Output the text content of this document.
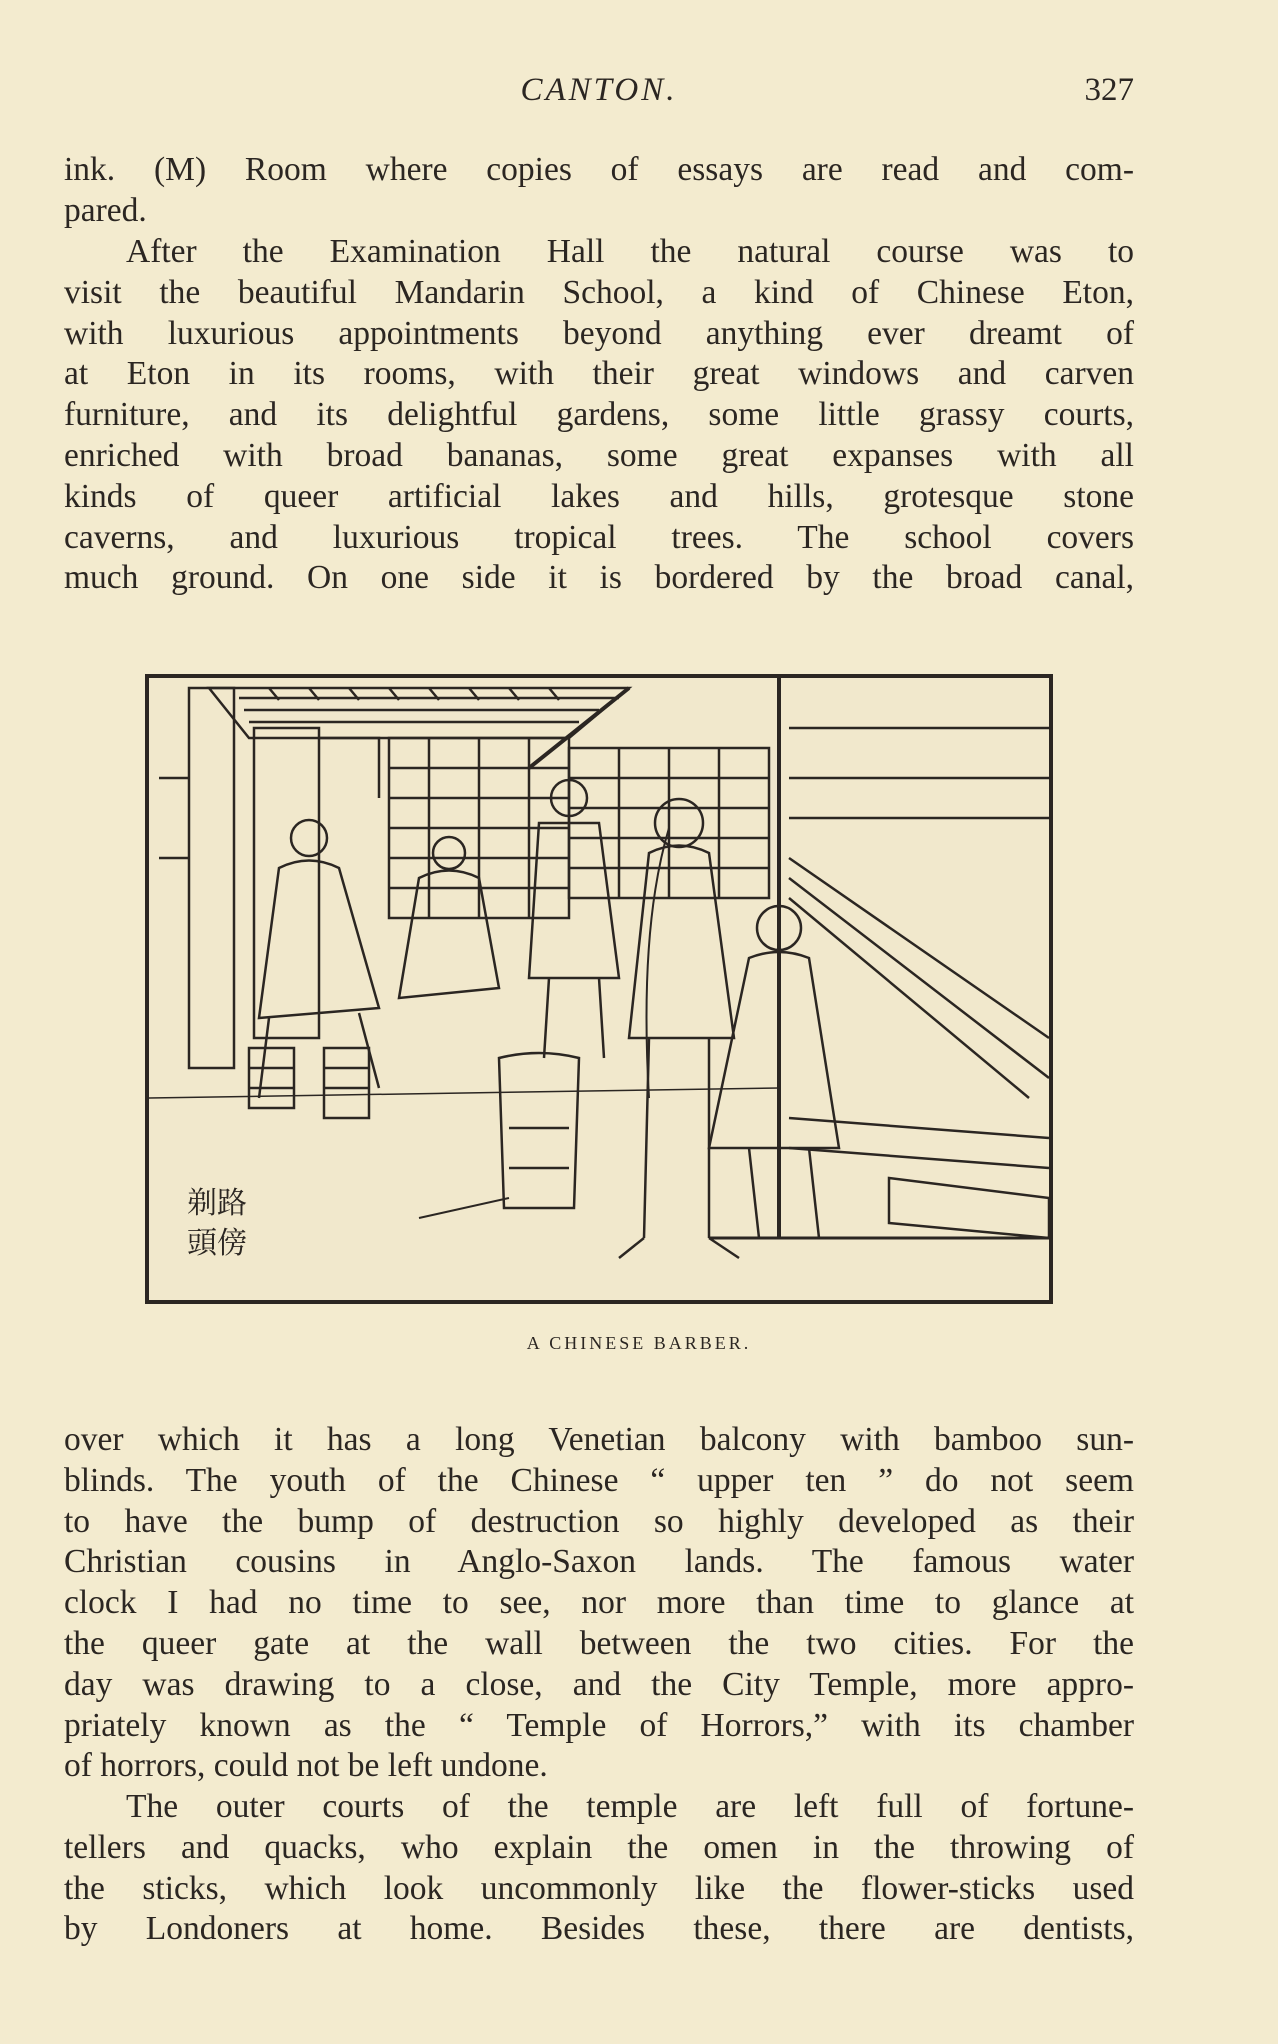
CANTON.	327

ink. (M) Room where copies of essays are read and com-
pared.

After the Examination Hall the natural course was to
visit the beautiful Mandarin School, a kind of Chinese Eton,
with luxurious appointments beyond anything ever dreamt of
at Eton in its rooms, with their great windows and carven
furniture, and its delightful gardens, some little grassy courts,
enriched with broad bananas, some great expanses with all
kinds of queer artificial lakes and hills, grotesque stone
caverns, and luxurious tropical trees. The school covers
much ground. On one side it is bordered by the broad canal,

剃路
頭傍
A CHINESE BARBER.

over which it has a long Venetian balcony with bamboo sun-
blinds. The youth of the Chinese “ upper ten ” do not seem
to have the bump of destruction so highly developed as their
Christian cousins in Anglo-Saxon lands. The famous water
clock I had no time to see, nor more than time to glance at
the queer gate at the wall between the two cities. For the
day was drawing to a close, and the City Temple, more appro-
priately known as the “ Temple of Horrors,” with its chamber
of horrors, could not be left undone.

The outer courts of the temple are left full of fortune-
tellers and quacks, who explain the omen in the throwing of
the sticks, which look uncommonly like the flower-sticks used
by Londoners at home. Besides these, there are dentists,
